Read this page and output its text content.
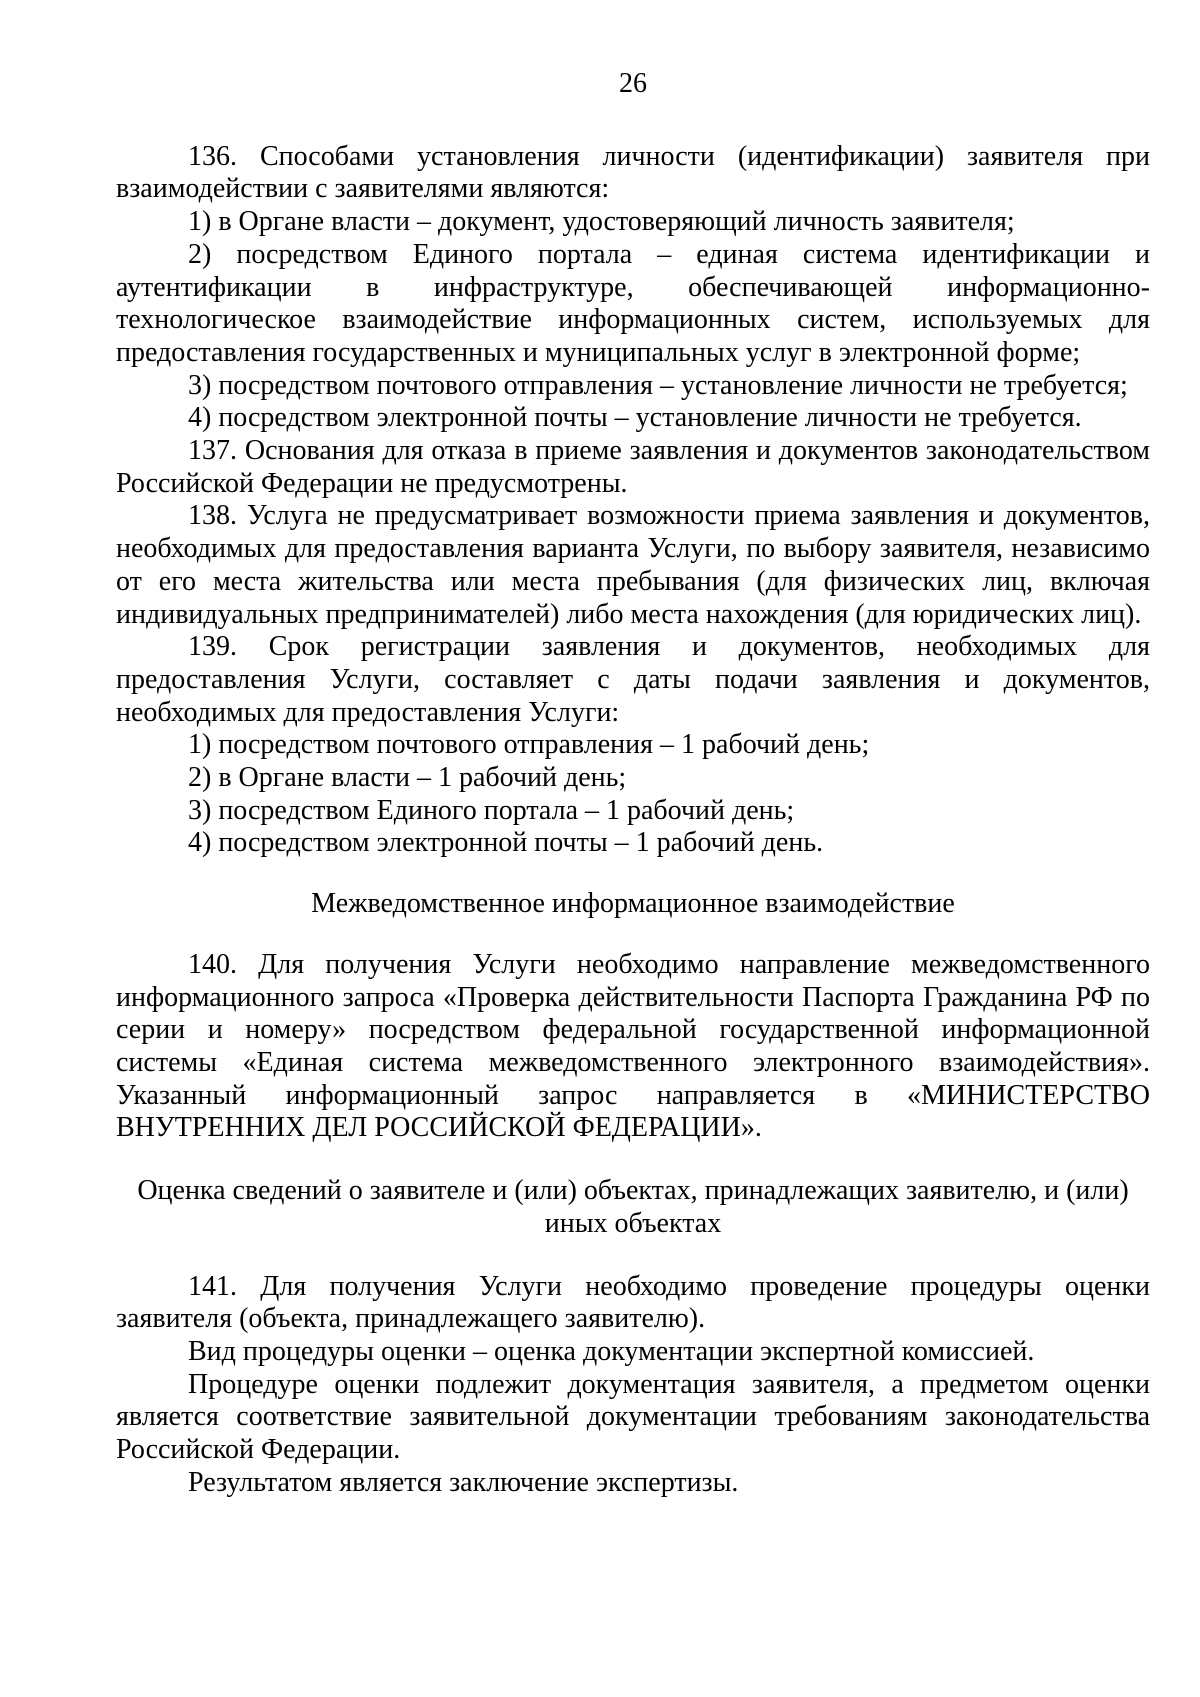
26

136. Способами установления личности (идентификации) заявителя при взаимодействии с заявителями являются:

1) в Органе власти – документ, удостоверяющий личность заявителя;

2) посредством Единого портала – единая система идентификации и аутентификации в инфраструктуре, обеспечивающей информационно-технологическое взаимодействие информационных систем, используемых для предоставления государственных и муниципальных услуг в электронной форме;

3) посредством почтового отправления – установление личности не требуется;

4) посредством электронной почты – установление личности не требуется.

137. Основания для отказа в приеме заявления и документов законодательством Российской Федерации не предусмотрены.

138. Услуга не предусматривает возможности приема заявления и документов, необходимых для предоставления варианта Услуги, по выбору заявителя, независимо от его места жительства или места пребывания (для физических лиц, включая индивидуальных предпринимателей) либо места нахождения (для юридических лиц).

139. Срок регистрации заявления и документов, необходимых для предоставления Услуги, составляет с даты подачи заявления и документов, необходимых для предоставления Услуги:

1) посредством почтового отправления – 1 рабочий день;

2) в Органе власти – 1 рабочий день;

3) посредством Единого портала – 1 рабочий день;

4) посредством электронной почты – 1 рабочий день.

Межведомственное информационное взаимодействие

140. Для получения Услуги необходимо направление межведомственного информационного запроса «Проверка действительности Паспорта Гражданина РФ по серии и номеру» посредством федеральной государственной информационной системы «Единая система межведомственного электронного взаимодействия». Указанный информационный запрос направляется в «МИНИСТЕРСТВО ВНУТРЕННИХ ДЕЛ РОССИЙСКОЙ ФЕДЕРАЦИИ».

Оценка сведений о заявителе и (или) объектах, принадлежащих заявителю, и (или)
иных объектах

141. Для получения Услуги необходимо проведение процедуры оценки заявителя (объекта, принадлежащего заявителю).

Вид процедуры оценки – оценка документации экспертной комиссией.

Процедуре оценки подлежит документация заявителя, а предметом оценки является соответствие заявительной документации требованиям законодательства Российской Федерации.

Результатом является заключение экспертизы.
